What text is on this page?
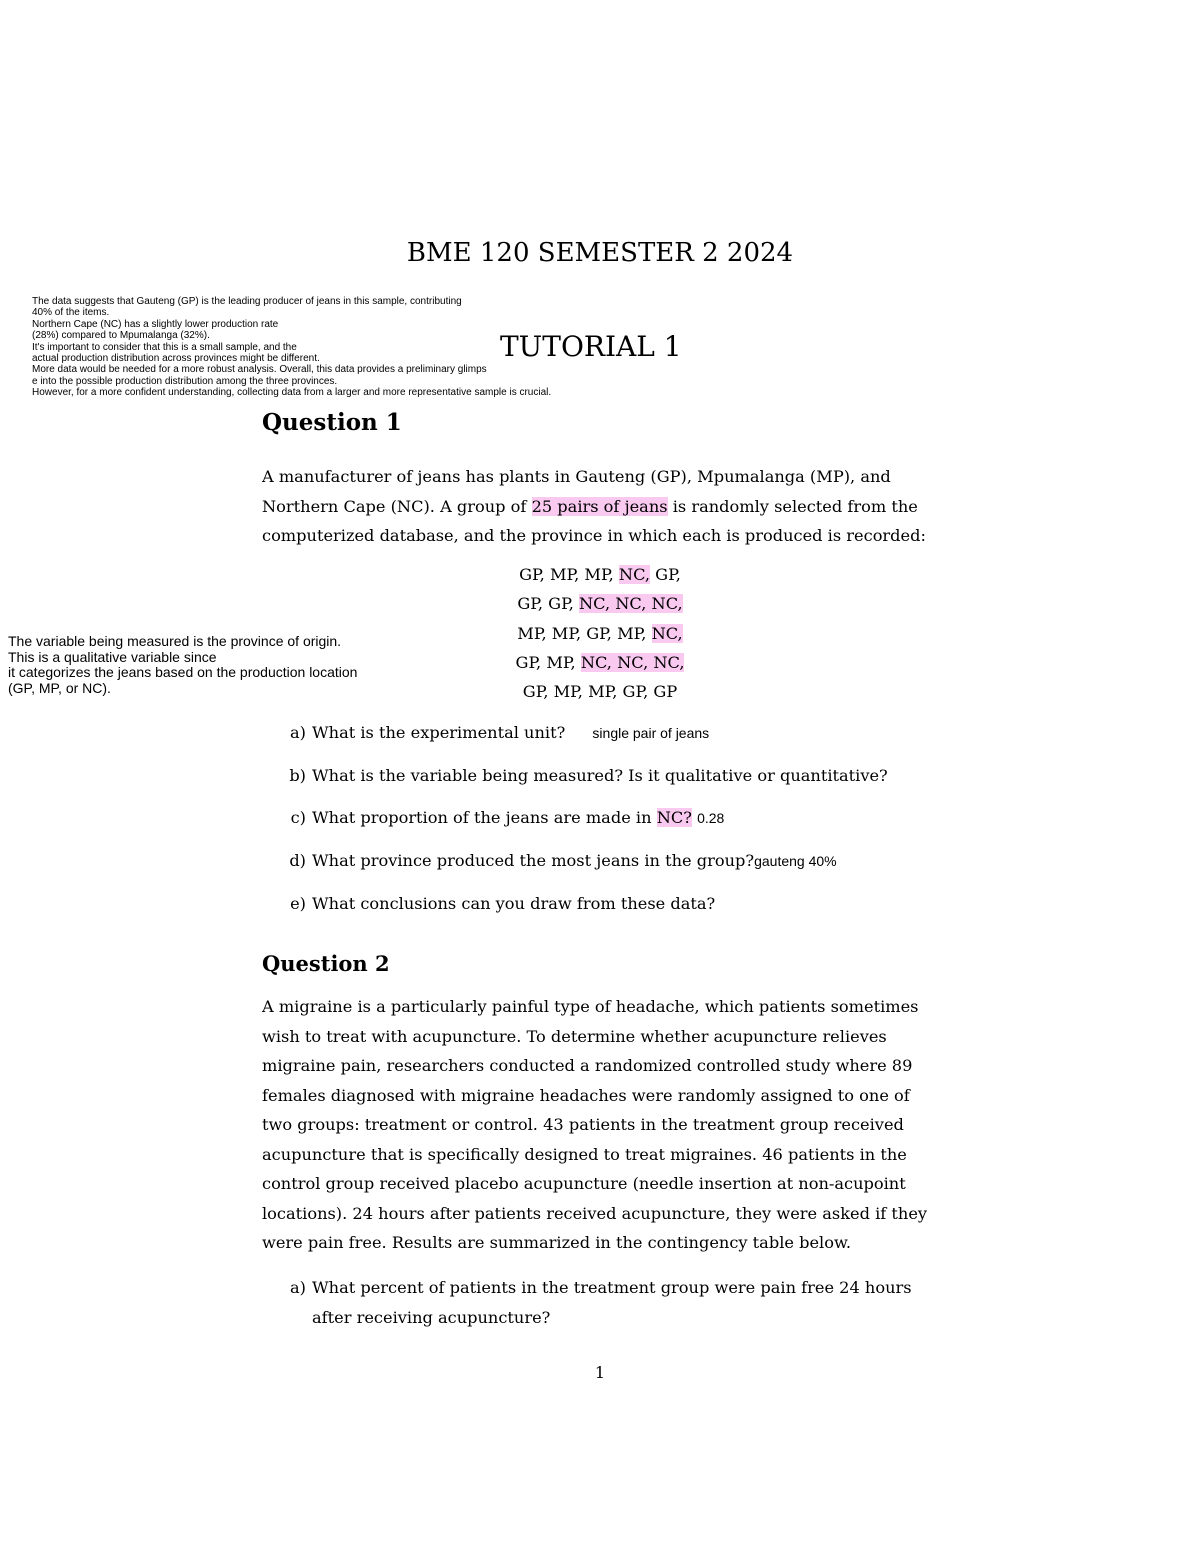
BME 120 SEMESTER 2 2024
TUTORIAL 1
The data suggests that Gauteng (GP) is the leading producer of jeans in this sample, contributing
40% of the items.
Northern Cape (NC) has a slightly lower production rate
(28%) compared to Mpumalanga (32%).
It's important to consider that this is a small sample, and the
actual production distribution across provinces might be different.
More data would be needed for a more robust analysis. Overall, this data provides a preliminary glimps
e into the possible production distribution among the three provinces.
However, for a more confident understanding, collecting data from a larger and more representative sample is crucial.
The variable being measured is the province of origin.
This is a qualitative variable since
it categorizes the jeans based on the production location
(GP, MP, or NC).
Question 1
A manufacturer of jeans has plants in Gauteng (GP), Mpumalanga (MP), and
Northern Cape (NC). A group of 25 pairs of jeans is randomly selected from the
computerized database, and the province in which each is produced is recorded:
GP, MP, MP, NC, GP,
GP, GP, NC, NC, NC,
MP, MP, GP, MP, NC,
GP, MP, NC, NC, NC,
GP, MP, MP, GP, GP
a) What is the experimental unit? single pair of jeans
b) What is the variable being measured? Is it qualitative or quantitative?
c) What proportion of the jeans are made in NC? 0.28
d) What province produced the most jeans in the group?gauteng 40%
e) What conclusions can you draw from these data?
Question 2
A migraine is a particularly painful type of headache, which patients sometimes
wish to treat with acupuncture. To determine whether acupuncture relieves
migraine pain, researchers conducted a randomized controlled study where 89
females diagnosed with migraine headaches were randomly assigned to one of
two groups: treatment or control. 43 patients in the treatment group received
acupuncture that is specifically designed to treat migraines. 46 patients in the
control group received placebo acupuncture (needle insertion at non-acupoint
locations). 24 hours after patients received acupuncture, they were asked if they
were pain free. Results are summarized in the contingency table below.
a) What percent of patients in the treatment group were pain free 24 hours
after receiving acupuncture?
1
